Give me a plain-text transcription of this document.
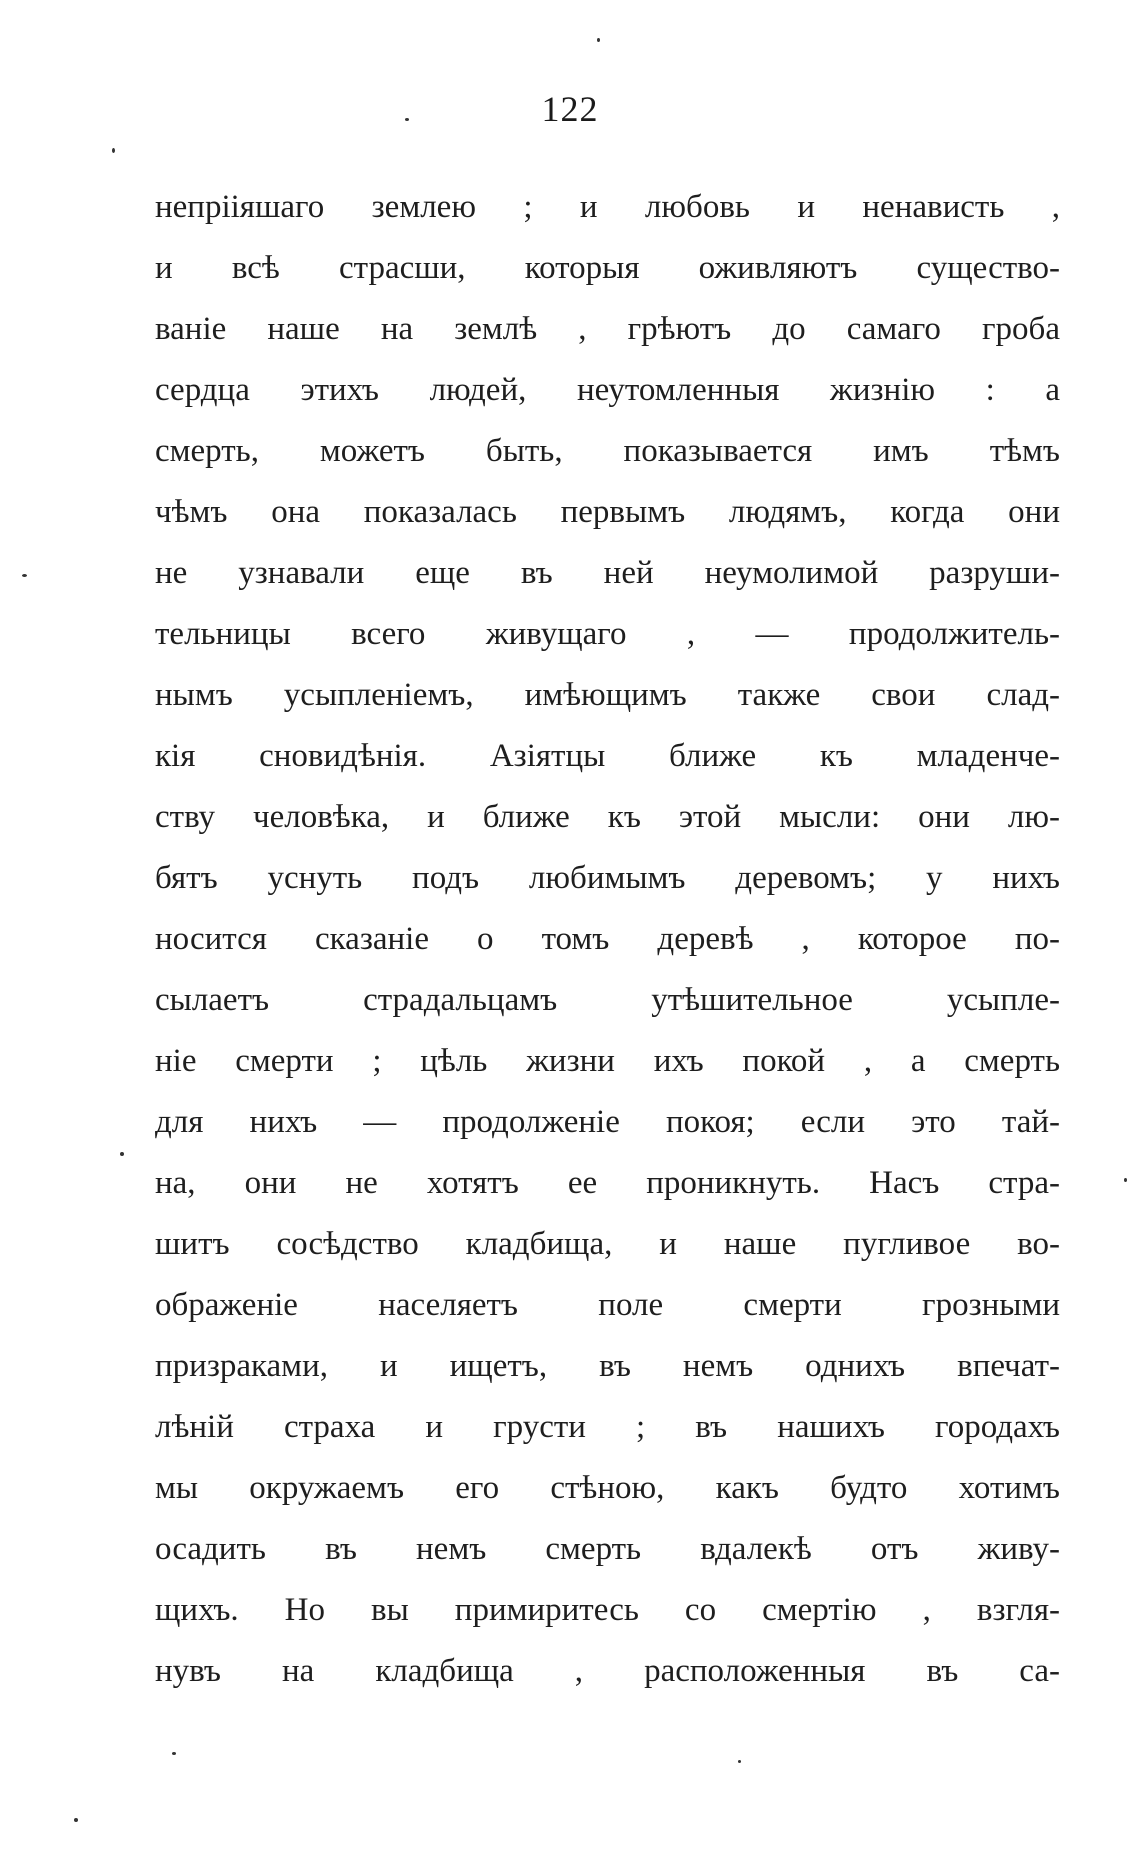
122
непрііяшаго землею ; и любовь и ненависть ,
и всѣ страсши, которыя оживляютъ существо-
ваніе наше на землѣ , грѣютъ до самаго гроба
сердца этихъ людей, неутомленныя жизнію : а
смерть, можетъ быть, показывается имъ тѣмъ
чѣмъ она показалась первымъ людямъ, когда они
не узнавали еще въ ней неумолимой разруши-
тельницы всего живущаго , — продолжитель-
нымъ усыпленіемъ, имѣющимъ также свои слад-
кія сновидѣнія. Азіятцы ближе къ младенче-
ству человѣка, и ближе къ этой мысли: они лю-
бятъ уснуть подъ любимымъ деревомъ; у нихъ
носится сказаніе о томъ деревѣ , которое по-
сылаетъ страдальцамъ утѣшительное усыпле-
ніе смерти ; цѣль жизни ихъ покой , а смерть
для нихъ — продолженіе покоя; если это тай-
на, они не хотятъ ее проникнуть. Насъ стра-
шитъ сосѣдство кладбища, и наше пугливое во-
ображеніе населяетъ поле смерти грозными
призраками, и ищетъ, въ немъ однихъ впечат-
лѣній страха и грусти ; въ нашихъ городахъ
мы окружаемъ его стѣною, какъ будто хотимъ
осадить въ немъ смерть вдалекѣ отъ живу-
щихъ. Но вы примиритесь со смертію , взгля-
нувъ на кладбища , расположенныя въ са-
